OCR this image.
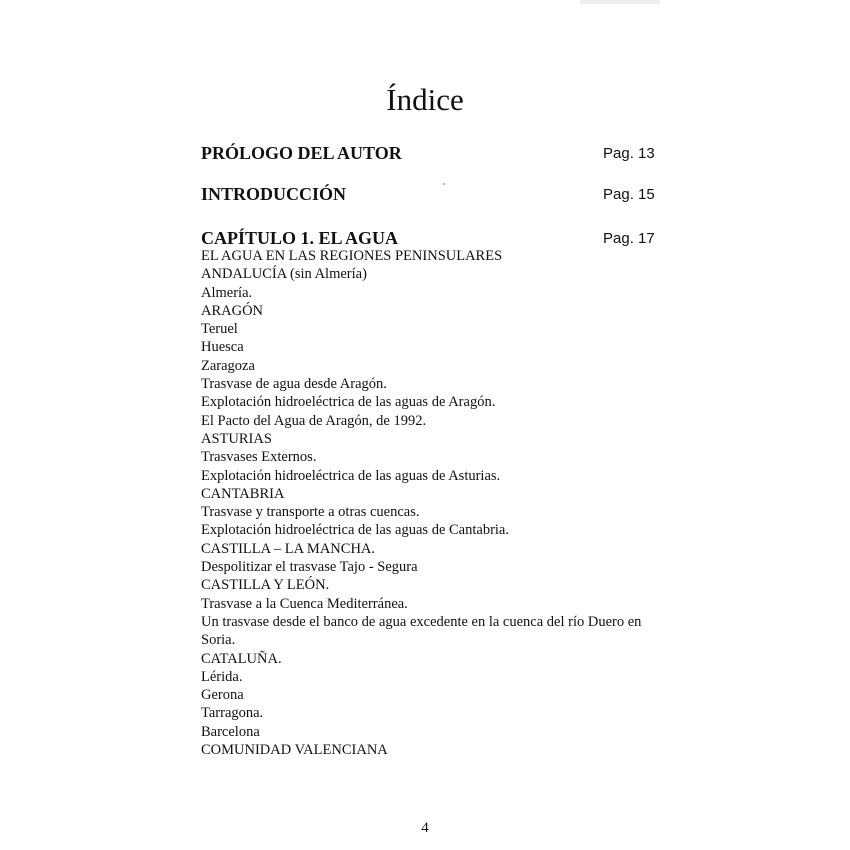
Índice
PRÓLOGO DEL AUTOR	Pag. 13
INTRODUCCIÓN	Pag. 15
CAPÍTULO 1. EL AGUA	Pag. 17
EL AGUA EN LAS REGIONES PENINSULARES
ANDALUCÍA (sin Almería)
Almería.
ARAGÓN
Teruel
Huesca
Zaragoza
Trasvase de agua desde Aragón.
Explotación hidroeléctrica de las aguas de Aragón.
El Pacto del Agua de Aragón, de 1992.
ASTURIAS
Trasvases Externos.
Explotación hidroeléctrica de las aguas de Asturias.
CANTABRIA
Trasvase y transporte a otras cuencas.
Explotación hidroeléctrica de las aguas de Cantabria.
CASTILLA – LA MANCHA.
Despolitizar el trasvase Tajo - Segura
CASTILLA Y LEÓN.
Trasvase a la Cuenca Mediterránea.
Un trasvase desde el banco de agua excedente en la cuenca del río Duero en Soria.
CATALUÑA.
Lérida.
Gerona
Tarragona.
Barcelona
COMUNIDAD VALENCIANA
4
